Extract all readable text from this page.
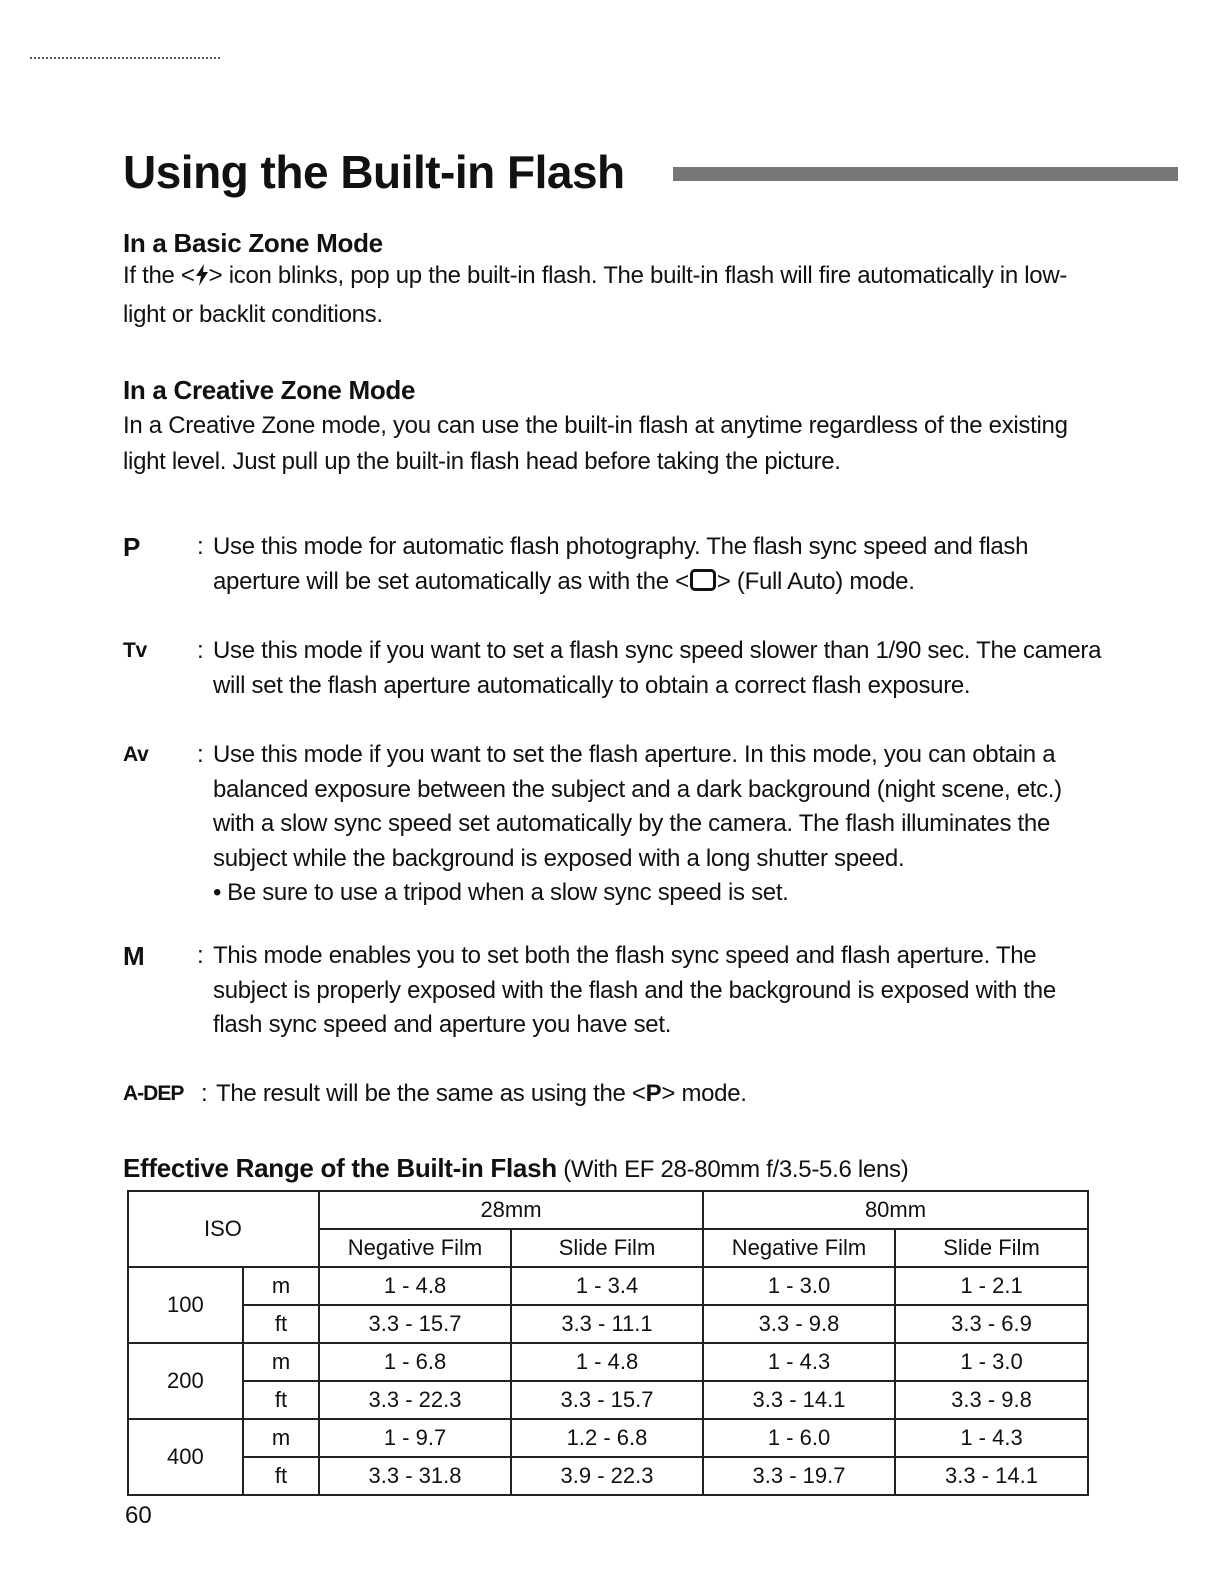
Using the Built-in Flash
In a Basic Zone Mode

If the < > icon blinks, pop up the built-in flash. The built-in flash will fire automatically in low-light or backlit conditions.

In a Creative Zone Mode

In a Creative Zone mode, you can use the built-in flash at anytime regardless of the existing light level. Just pull up the built-in flash head before taking the picture.

P : Use this mode for automatic flash photography. The flash sync speed and flash aperture will be set automatically as with the < > (Full Auto) mode.
Tv : Use this mode if you want to set a flash sync speed slower than 1/90 sec. The camera will set the flash aperture automatically to obtain a correct flash exposure.
Av : Use this mode if you want to set the flash aperture. In this mode, you can obtain a balanced exposure between the subject and a dark background (night scene, etc.) with a slow sync speed set automatically by the camera. The flash illuminates the subject while the background is exposed with a long shutter speed.
• Be sure to use a tripod when a slow sync speed is set.
M : This mode enables you to set both the flash sync speed and flash aperture. The subject is properly exposed with the flash and the background is exposed with the flash sync speed and aperture you have set.
A-DEP : The result will be the same as using the <P> mode.
Effective Range of the Built-in Flash (With EF 28-80mm f/3.5-5.6 lens)
ISO		28mm		80mm	
		Negative Film	Slide Film	Negative Film	Slide Film
100	m	1 - 4.8	1 - 3.4	1 - 3.0	1 - 2.1
	ft	3.3 - 15.7	3.3 - 11.1	3.3 - 9.8	3.3 - 6.9
200	m	1 - 6.8	1 - 4.8	1 - 4.3	1 - 3.0
	ft	3.3 - 22.3	3.3 - 15.7	3.3 - 14.1	3.3 - 9.8
400	m	1 - 9.7	1.2 - 6.8	1 - 6.0	1 - 4.3
	ft	3.3 - 31.8	3.9 - 22.3	3.3 - 19.7	3.3 - 14.1
60
